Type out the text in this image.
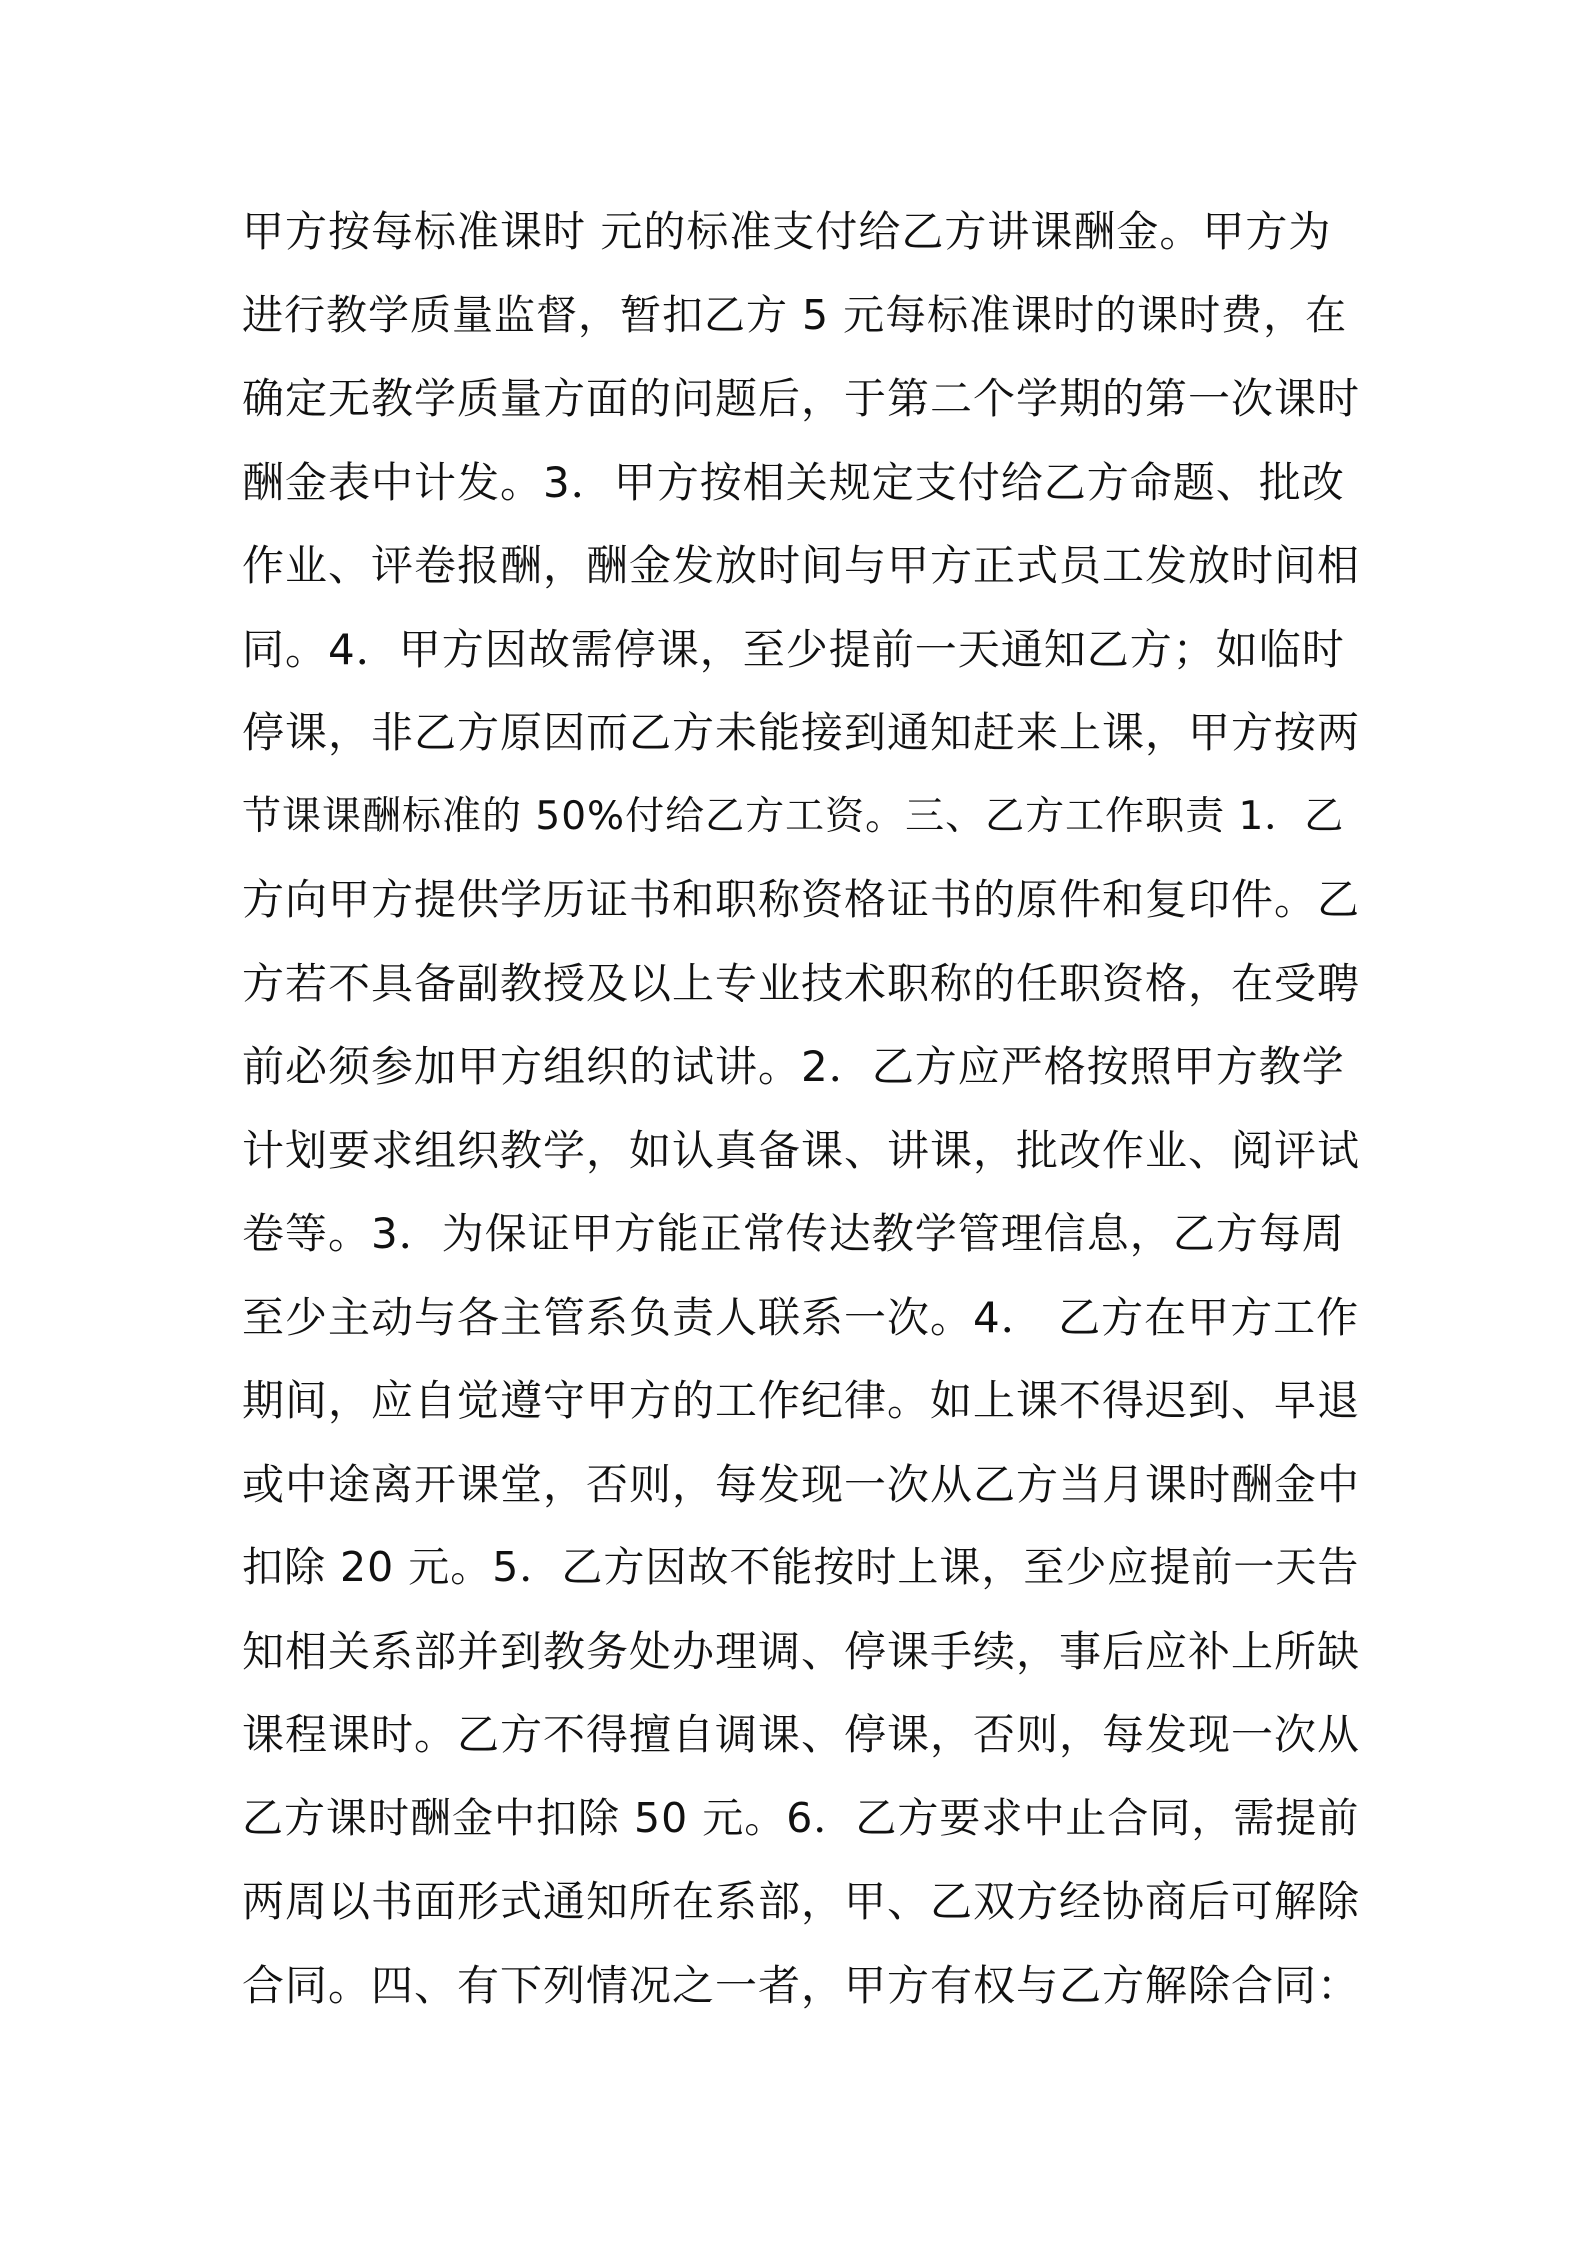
甲方按每标准课时 元的标准支付给乙方讲课酬金。甲方为
进行教学质量监督，暂扣乙方 5 元每标准课时的课时费，在
确定无教学质量方面的问题后，于第二个学期的第一次课时
酬金表中计发。3．甲方按相关规定支付给乙方命题、批改
作业、评卷报酬，酬金发放时间与甲方正式员工发放时间相
同。4．甲方因故需停课，至少提前一天通知乙方；如临时
停课，非乙方原因而乙方未能接到通知赶来上课，甲方按两
节课课酬标准的 50%付给乙方工资。三、乙方工作职责 1．乙
方向甲方提供学历证书和职称资格证书的原件和复印件。乙
方若不具备副教授及以上专业技术职称的任职资格，在受聘
前必须参加甲方组织的试讲。2．乙方应严格按照甲方教学
计划要求组织教学，如认真备课、讲课，批改作业、阅评试
卷等。3．为保证甲方能正常传达教学管理信息，乙方每周
至少主动与各主管系负责人联系一次。4． 乙方在甲方工作
期间，应自觉遵守甲方的工作纪律。如上课不得迟到、早退
或中途离开课堂，否则，每发现一次从乙方当月课时酬金中
扣除 20 元。5．乙方因故不能按时上课，至少应提前一天告
知相关系部并到教务处办理调、停课手续，事后应补上所缺
课程课时。乙方不得擅自调课、停课，否则，每发现一次从
乙方课时酬金中扣除 50 元。6．乙方要求中止合同，需提前
两周以书面形式通知所在系部，甲、乙双方经协商后可解除
合同。四、有下列情况之一者，甲方有权与乙方解除合同：
